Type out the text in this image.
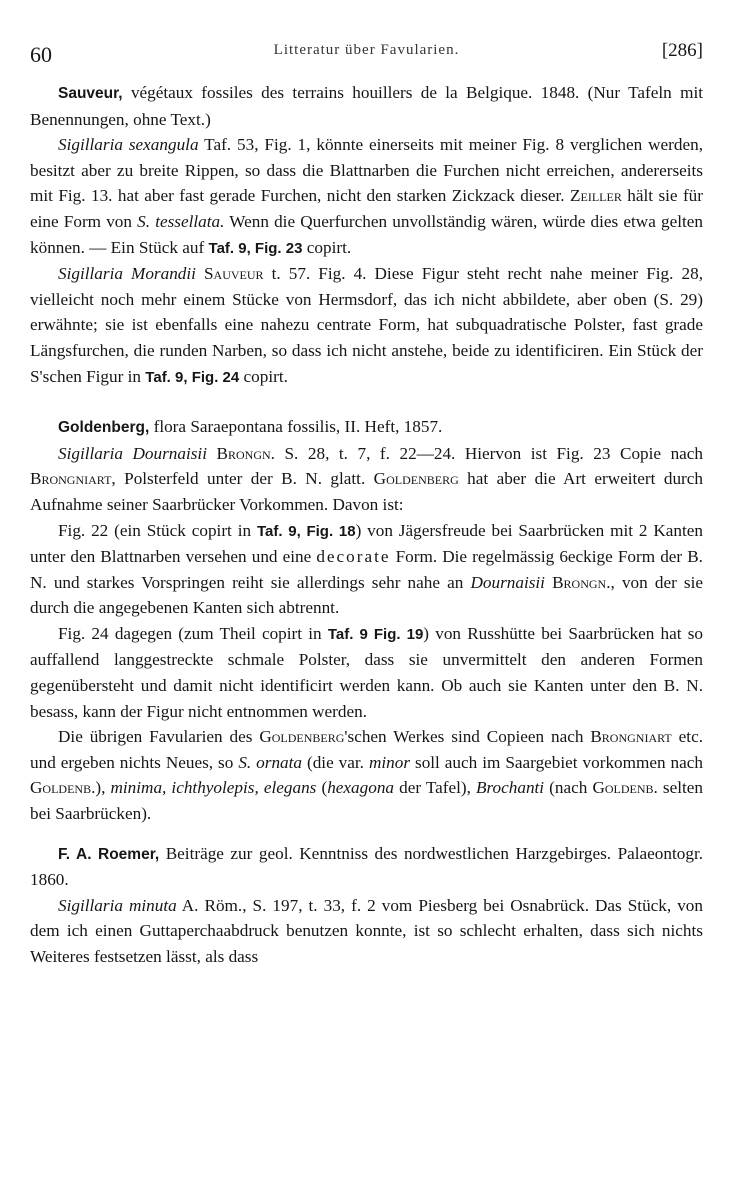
60	Litteratur über Favularien.	[286]

Sauveur, végétaux fossiles des terrains houillers de la Belgique. 1848. (Nur Tafeln mit Benennungen, ohne Text.)

Sigillaria sexangula Taf. 53, Fig. 1, könnte einerseits mit meiner Fig. 8 verglichen werden, besitzt aber zu breite Rippen, so dass die Blattnarben die Furchen nicht erreichen, andererseits mit Fig. 13. hat aber fast gerade Furchen, nicht den starken Zickzack dieser. Zeiller hält sie für eine Form von S. tessellata. Wenn die Querfurchen unvollständig wären, würde dies etwa gelten können. — Ein Stück auf Taf. 9, Fig. 23 copirt.

Sigillaria Morandii Sauveur t. 57. Fig. 4. Diese Figur steht recht nahe meiner Fig. 28, vielleicht noch mehr einem Stücke von Hermsdorf, das ich nicht abbildete, aber oben (S. 29) erwähnte; sie ist ebenfalls eine nahezu centrate Form, hat subquadratische Polster, fast grade Längsfurchen, die runden Narben, so dass ich nicht anstehe, beide zu identificiren. Ein Stück der S'schen Figur in Taf. 9, Fig. 24 copirt.

Goldenberg, flora Saraepontana fossilis, II. Heft, 1857.

Sigillaria Dournaisii Brongn. S. 28, t. 7, f. 22—24. Hiervon ist Fig. 23 Copie nach Brongniart, Polsterfeld unter der B. N. glatt. Goldenberg hat aber die Art erweitert durch Aufnahme seiner Saarbrücker Vorkommen. Davon ist:

Fig. 22 (ein Stück copirt in Taf. 9, Fig. 18) von Jägersfreude bei Saarbrücken mit 2 Kanten unter den Blattnarben versehen und eine decorate Form. Die regelmässig 6eckige Form der B. N. und starkes Vorspringen reiht sie allerdings sehr nahe an Dournaisii Brongn., von der sie durch die angegebenen Kanten sich abtrennt.

Fig. 24 dagegen (zum Theil copirt in Taf. 9 Fig. 19) von Russhütte bei Saarbrücken hat so auffallend langgestreckte schmale Polster, dass sie unvermittelt den anderen Formen gegenübersteht und damit nicht identificirt werden kann. Ob auch sie Kanten unter den B. N. besass, kann der Figur nicht entnommen werden.

Die übrigen Favularien des Goldenberg'schen Werkes sind Copieen nach Brongniart etc. und ergeben nichts Neues, so S. ornata (die var. minor soll auch im Saargebiet vorkommen nach Goldenb.), minima, ichthyolepis, elegans (hexagona der Tafel), Brochanti (nach Goldenb. selten bei Saarbrücken).

F. A. Roemer, Beiträge zur geol. Kenntniss des nordwestlichen Harzgebirges. Palaeontogr. 1860.

Sigillaria minuta A. Röm., S. 197, t. 33, f. 2 vom Piesberg bei Osnabrück. Das Stück, von dem ich einen Guttaperchaabdruck benutzen konnte, ist so schlecht erhalten, dass sich nichts Weiteres festsetzen lässt, als dass
